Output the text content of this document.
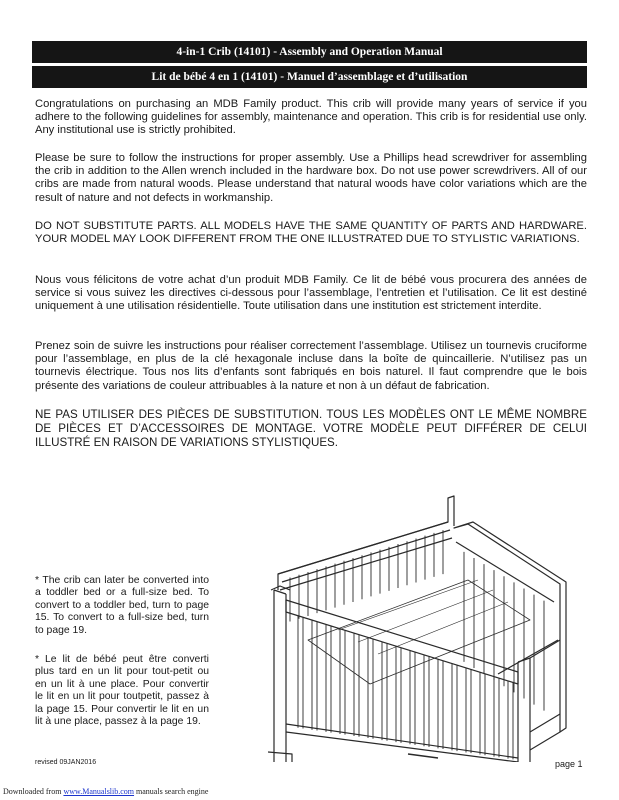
4-in-1 Crib (14101) - Assembly and Operation Manual
Lit de bébé 4 en 1 (14101) - Manuel d’assemblage et d’utilisation

Congratulations on purchasing an MDB Family product. This crib will provide many years of service if you adhere to the following guidelines for assembly, maintenance and operation. This crib is for residential use only. Any institutional use is strictly prohibited.

Please be sure to follow the instructions for proper assembly. Use a Phillips head screwdriver for assembling the crib in addition to the Allen wrench included in the hardware box. Do not use power screwdrivers. All of our cribs are made from natural woods. Please understand that natural woods have color variations which are the result of nature and not defects in workmanship.

DO NOT SUBSTITUTE PARTS. ALL MODELS HAVE THE SAME QUANTITY OF PARTS AND HARDWARE. YOUR MODEL MAY LOOK DIFFERENT FROM THE ONE ILLUSTRATED DUE TO STYLISTIC VARIATIONS.

Nous vous félicitons de votre achat d’un produit MDB Family. Ce lit de bébé vous procurera des années de service si vous suivez les directives ci-dessous pour l’assemblage, l’entretien et l’utilisation. Ce lit est destiné uniquement à une utilisation résidentielle. Toute utilisation dans une institution est strictement interdite.

Prenez soin de suivre les instructions pour réaliser correctement l’assemblage. Utilisez un tournevis cruciforme pour l’assemblage, en plus de la clé hexagonale incluse dans la boîte de quincaillerie. N’utilisez pas un tournevis électrique. Tous nos lits d’enfants sont fabriqués en bois naturel. Il faut comprendre que le bois présente des variations de couleur attribuables à la nature et non à un défaut de fabrication.

NE PAS UTILISER DES PIÈCES DE SUBSTITUTION. TOUS LES MODÈLES ONT LE MÊME NOMBRE DE PIÈCES ET D’ACCESSOIRES DE MONTAGE. VOTRE MODÈLE PEUT DIFFÉRER DE CELUI ILLUSTRÉ EN RAISON DE VARIATIONS STYLISTIQUES.

* The crib can later be converted into a toddler bed or a full-size bed. To convert to a toddler bed, turn to page 15. To convert to a full-size bed, turn to page 19.

* Le lit de bébé peut être converti plus tard en un lit pour tout-petit ou en un lit à une place. Pour convertir le lit en un lit pour toutpetit, passez à la page 15. Pour convertir le lit en un lit à une place, passez à la page 19.

revised 09JAN2016	page 1
Downloaded from www.Manualslib.com manuals search engine
